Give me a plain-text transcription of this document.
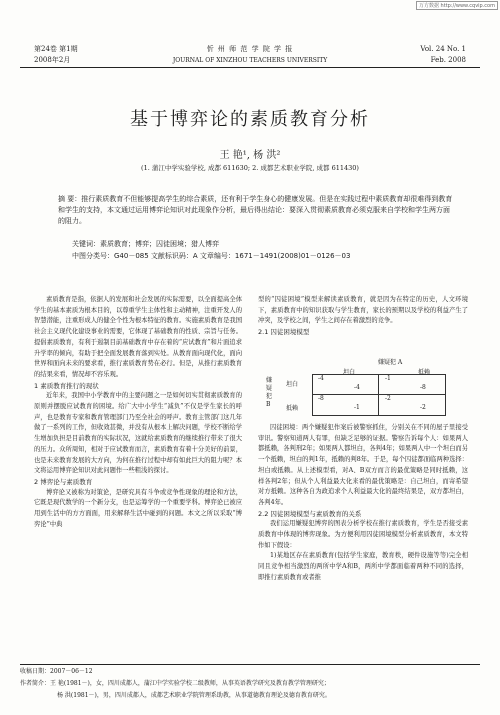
万方数据 http://www.cqvip.com
第24卷 第1期
2008年2月
忻 州 师 范 学 院 学 报
JOURNAL OF XINZHOU TEACHERS UNIVERSITY
Vol. 24 No. 1
Feb. 2008
基于博弈论的素质教育分析
王 艳¹, 杨 洪²
(1. 蒲江中学实验学校, 成都 611630; 2. 成都艺术职业学院, 成都 611430)
摘 要：推行素质教育不但能够提高学生的综合素质，还有利于学生身心的健康发展。但是在实践过程中素质教育却很难得到教育和学生的支持，本文通过运用博弈论知识对此现象作分析，最后得出结论：要深入贯彻素质教育必须克服来自学校和学生两方面的阻力。
关键词：素质教育；博弈；囚徒困境；猎人博弈
中图分类号：G40－085 文献标识码：A 文章编号：1671－1491(2008)01－0126－03

素质教育是指，依据人的发展和社会发展的实际需要，以全面提高全体学生的基本素质为根本目的，以尊重学生主体性和主动精神，注重开发人的智慧潜能，注重形成人的健全个性为根本特征的教育。实施素质教育是我国社会主义现代化建设事业的需要，它体现了基础教育的性质、宗旨与任务。提倡素质教育，有利于遏制目前基础教育中存在着的“应试教育”和片面追求升学率的倾向，有助于把全面发展教育落到实处。从教育面向现代化，面向世界和面向未来的要求看，推行素质教育势在必行。但是，从推行素质教育的结果来看，情况却不容乐观。

1 素质教育推行的现状

近年来，我国中小学教育中的主要问题之一是如何切实贯彻素质教育的原则并摆脱应试教育的困境。给广大中小学生“减负”不仅是学生家长的呼声，也是教育专家和教育管理部门乃至全社会的呼声。教育主管部门这几年做了一系列的工作，但收效甚微，并没有从根本上解决问题，学校不断给学生增加负担是目前教育的实际状况，这就给素质教育的继续推行带来了很大的压力。众所周知，相对于应试教育而言，素质教育有着十分美好的前景，也是未来教育发展的大方向，为何在推行过程中却有如此巨大的阻力呢？本文将运用博弈论知识对此问题作一些粗浅的探讨。

2 博弈论与素质教育

博弈论又被称为对策论，是研究具有斗争或竞争性现象的理论和方法，它既是现代数学的一个新分支，也是运筹学的一个重要学科。博弈论已被应用到生活中的方方面面，用来解释生活中碰到的问题。本文之所以采取“博弈论”中典

型的“囚徒困境”模型来解读素质教育，就是因为在特定的历史，人文环境下，素质教育中的知识获取与学生教育，家长的预期以及学校的利益产生了冲突，及学校之间，学生之间存在着激烈的竞争。

2.1 囚徒困境模型

嫌疑犯 A
坦白	抵赖
嫌疑犯B
坦白
抵赖
-4
-4
-1
-8
-8
-1
-2
-2

囚徒困境：两个嫌疑犯作案后被警察抓住，分别关在不同的屋子里接受审讯。警察知道两人有罪，但缺乏足够的证据。警察告诉每个人：如果两人都抵赖，各判刑2年；如果两人都坦白，各判4年；如果两人中一个坦白而另一个抵赖，坦白的判1年，抵赖的判8年。于是，每个囚徒都面临两种选择：坦白或抵赖。从上述模型看，对A、B双方而言的最优策略是同时抵赖，这样各判2年；但从个人利益最大化来看的最优策略是：自己坦白，而寄希望对方抵赖。这种各自为政追求个人利益最大化的最终结果是，双方都坦白，各判4年。

2.2 囚徒困境模型与素质教育的关系

我们运用嫌疑犯博弈的图表分析学校在推行素质教育，学生是否接受素质教育中体现的博弈现象。为方便利用囚徒困境模型分析素质教育，本文特作如下假设：

1)某地区存在素质教育(包括学生家庭，教育秩，硬件设施等等)完全相同且竞争相当激烈的两所中学A和B，两所中学都面临着两种不同的选择，即推行素质教育或者推

收稿日期：2007－06－12
作者简介：王 艳(1981－)，女，四川成都人，蒲江中学实验学校二级教师，从事英语教学研究及教育教学管理研究；
杨 洪(1981－)，男，四川成都人，成都艺术职业学院管理系助教，从事道德教育理论及德育教育研究。
